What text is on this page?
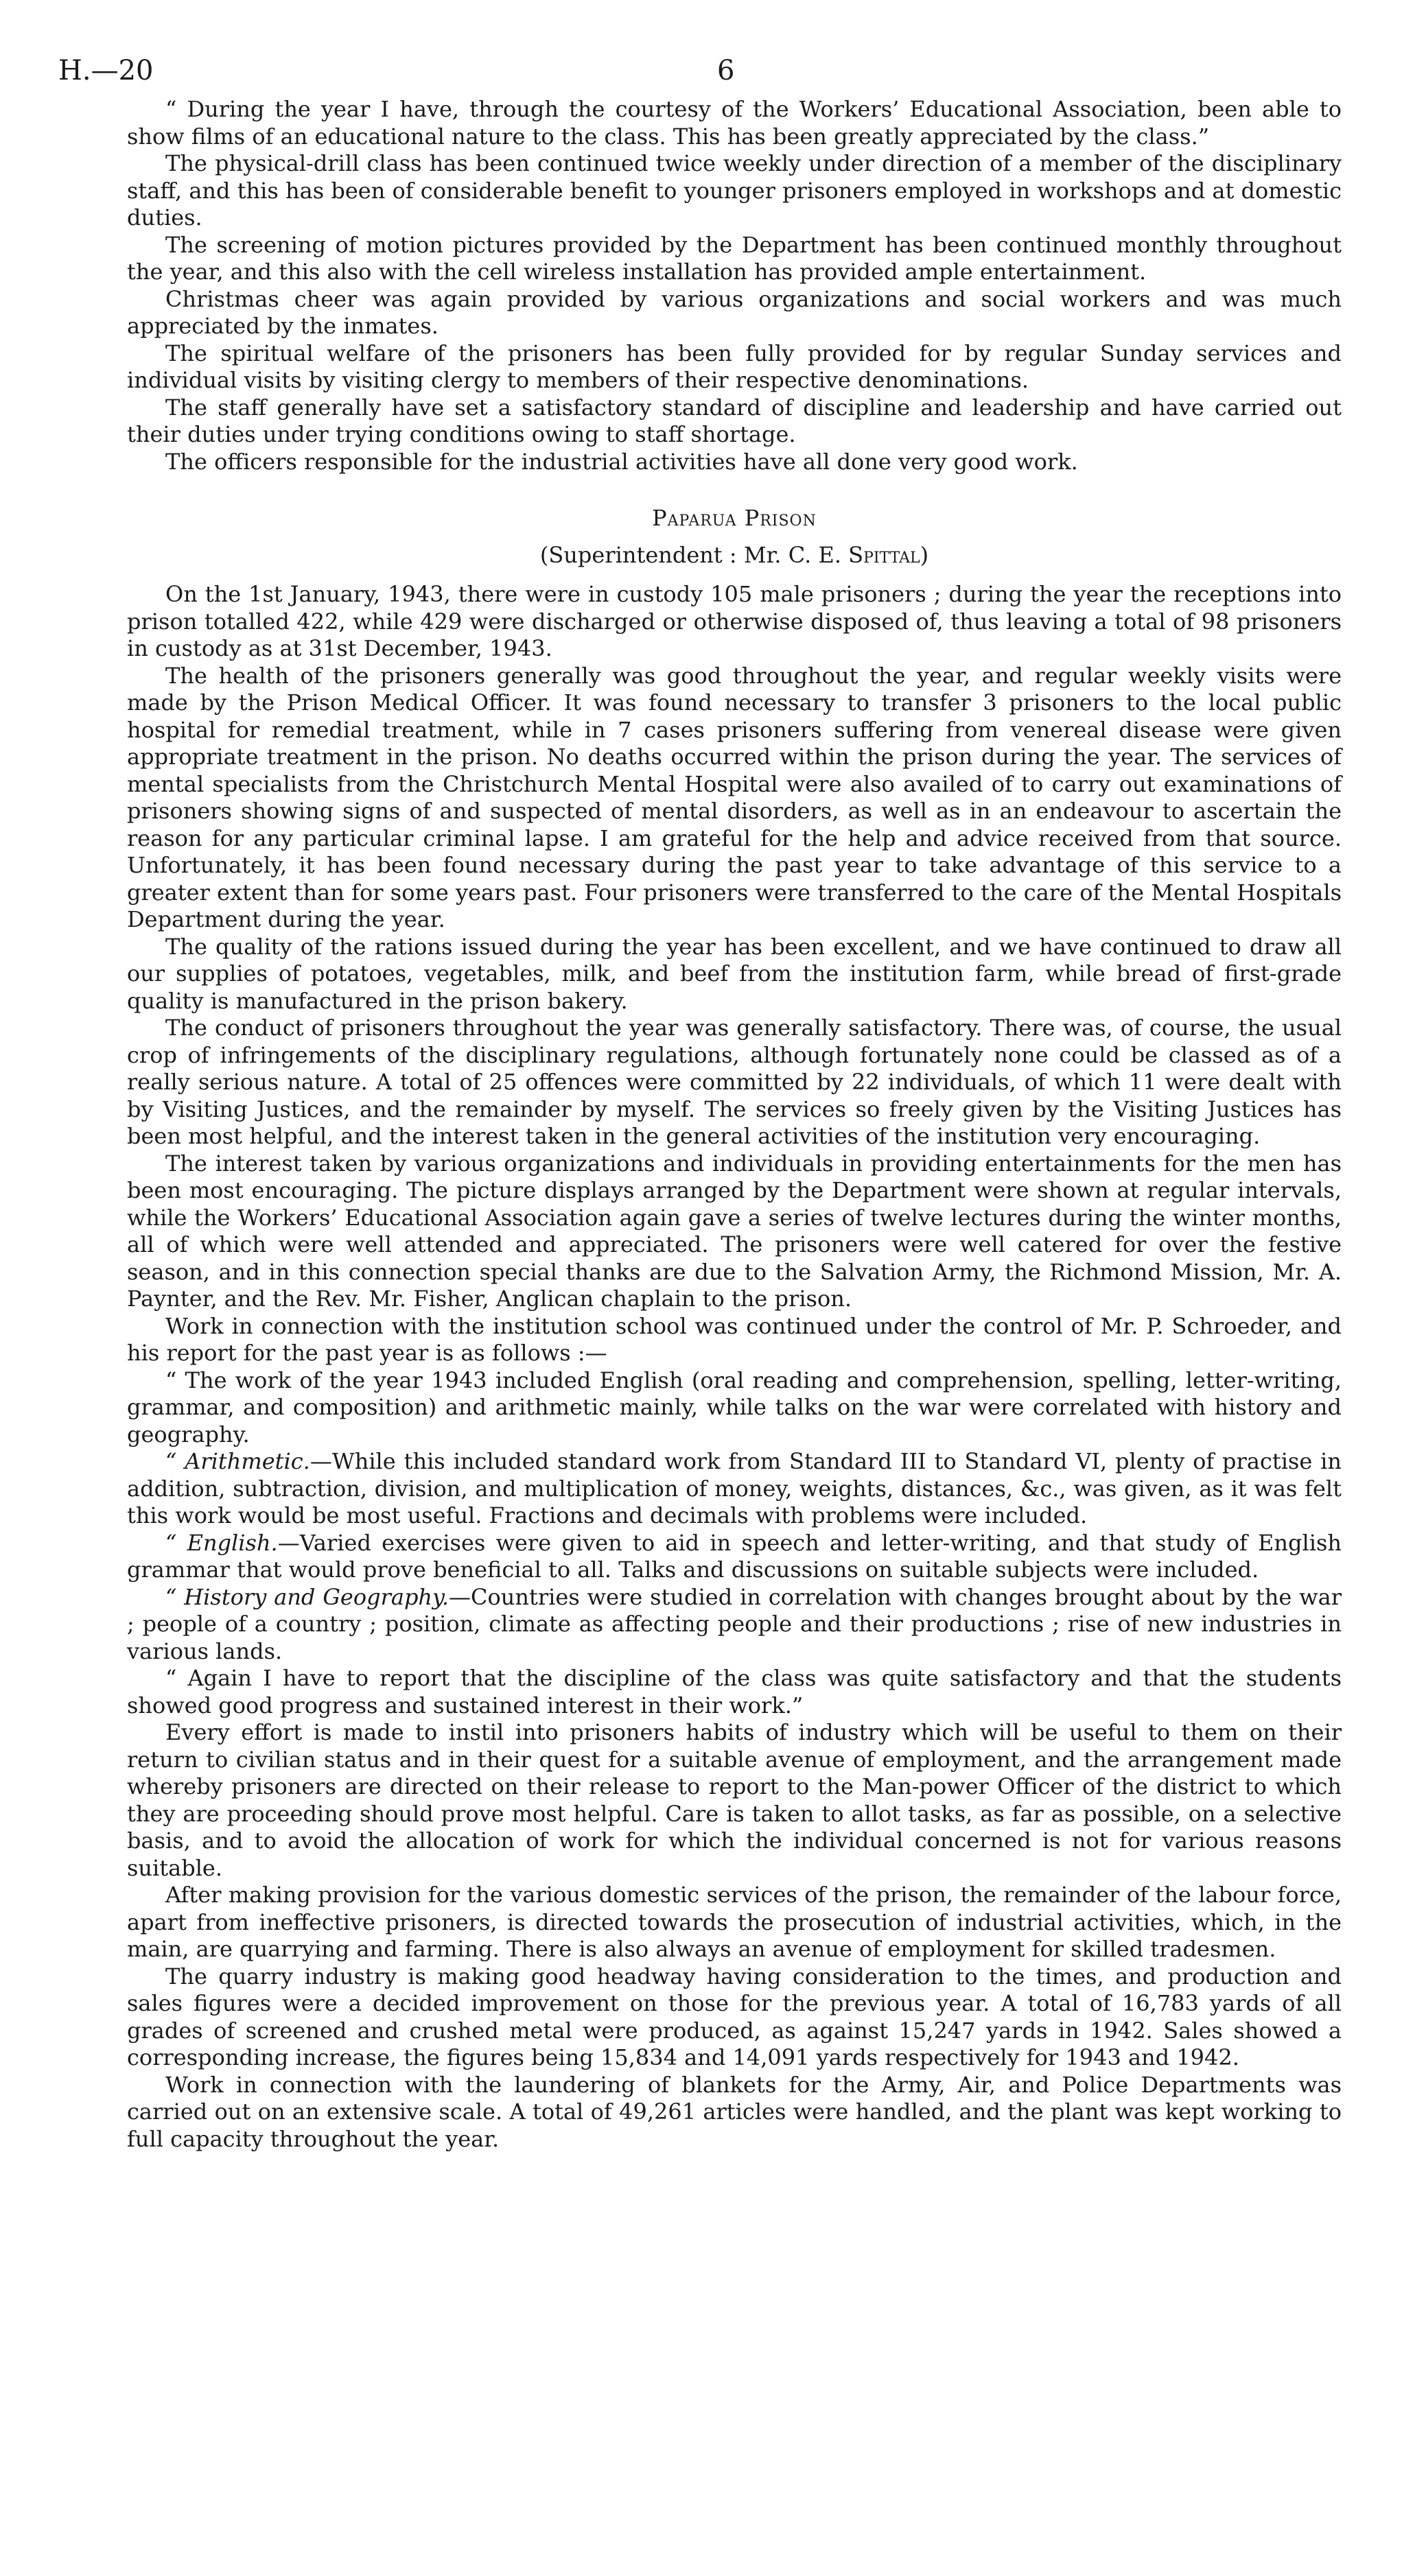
H.—20	6

“ During the year I have, through the courtesy of the Workers’ Educational Association, been able to show films of an educational nature to the class. This has been greatly appreciated by the class.”

The physical-drill class has been continued twice weekly under direction of a member of the disciplinary staff, and this has been of considerable benefit to younger prisoners employed in workshops and at domestic duties.

The screening of motion pictures provided by the Department has been continued monthly throughout the year, and this also with the cell wireless installation has provided ample entertainment.

Christmas cheer was again provided by various organizations and social workers and was much appreciated by the inmates.

The spiritual welfare of the prisoners has been fully provided for by regular Sunday services and individual visits by visiting clergy to members of their respective denominations.

The staff generally have set a satisfactory standard of discipline and leadership and have carried out their duties under trying conditions owing to staff shortage.

The officers responsible for the industrial activities have all done very good work.

Paparua Prison
(Superintendent : Mr. C. E. Spittal)

On the 1st January, 1943, there were in custody 105 male prisoners ; during the year the receptions into prison totalled 422, while 429 were discharged or otherwise disposed of, thus leaving a total of 98 prisoners in custody as at 31st December, 1943.

The health of the prisoners generally was good throughout the year, and regular weekly visits were made by the Prison Medical Officer. It was found necessary to transfer 3 prisoners to the local public hospital for remedial treatment, while in 7 cases prisoners suffering from venereal disease were given appropriate treatment in the prison. No deaths occurred within the prison during the year. The services of mental specialists from the Christchurch Mental Hospital were also availed of to carry out examinations of prisoners showing signs of and suspected of mental disorders, as well as in an endeavour to ascertain the reason for any particular criminal lapse. I am grateful for the help and advice received from that source. Unfortunately, it has been found necessary during the past year to take advantage of this service to a greater extent than for some years past. Four prisoners were transferred to the care of the Mental Hospitals Department during the year.

The quality of the rations issued during the year has been excellent, and we have continued to draw all our supplies of potatoes, vegetables, milk, and beef from the institution farm, while bread of first-grade quality is manufactured in the prison bakery.

The conduct of prisoners throughout the year was generally satisfactory. There was, of course, the usual crop of infringements of the disciplinary regulations, although fortunately none could be classed as of a really serious nature. A total of 25 offences were committed by 22 individuals, of which 11 were dealt with by Visiting Justices, and the remainder by myself. The services so freely given by the Visiting Justices has been most helpful, and the interest taken in the general activities of the institution very encouraging.

The interest taken by various organizations and individuals in providing entertainments for the men has been most encouraging. The picture displays arranged by the Department were shown at regular intervals, while the Workers’ Educational Association again gave a series of twelve lectures during the winter months, all of which were well attended and appreciated. The prisoners were well catered for over the festive season, and in this connection special thanks are due to the Salvation Army, the Richmond Mission, Mr. A. Paynter, and the Rev. Mr. Fisher, Anglican chaplain to the prison.

Work in connection with the institution school was continued under the control of Mr. P. Schroeder, and his report for the past year is as follows :—

“ The work of the year 1943 included English (oral reading and comprehension, spelling, letter-writing, grammar, and composition) and arithmetic mainly, while talks on the war were correlated with history and geography.

“ Arithmetic.—While this included standard work from Standard III to Standard VI, plenty of practise in addition, subtraction, division, and multiplication of money, weights, distances, &c., was given, as it was felt this work would be most useful. Fractions and decimals with problems were included.

“ English.—Varied exercises were given to aid in speech and letter-writing, and that study of English grammar that would prove beneficial to all. Talks and discussions on suitable subjects were included.

“ History and Geography.—Countries were studied in correlation with changes brought about by the war ; people of a country ; position, climate as affecting people and their productions ; rise of new industries in various lands.

“ Again I have to report that the discipline of the class was quite satisfactory and that the students showed good progress and sustained interest in their work.”

Every effort is made to instil into prisoners habits of industry which will be useful to them on their return to civilian status and in their quest for a suitable avenue of employment, and the arrangement made whereby prisoners are directed on their release to report to the Man-power Officer of the district to which they are proceeding should prove most helpful. Care is taken to allot tasks, as far as possible, on a selective basis, and to avoid the allocation of work for which the individual concerned is not for various reasons suitable.

After making provision for the various domestic services of the prison, the remainder of the labour force, apart from ineffective prisoners, is directed towards the prosecution of industrial activities, which, in the main, are quarrying and farming. There is also always an avenue of employment for skilled tradesmen.

The quarry industry is making good headway having consideration to the times, and production and sales figures were a decided improvement on those for the previous year. A total of 16,783 yards of all grades of screened and crushed metal were produced, as against 15,247 yards in 1942. Sales showed a corresponding increase, the figures being 15,834 and 14,091 yards respectively for 1943 and 1942.

Work in connection with the laundering of blankets for the Army, Air, and Police Departments was carried out on an extensive scale. A total of 49,261 articles were handled, and the plant was kept working to full capacity throughout the year.
